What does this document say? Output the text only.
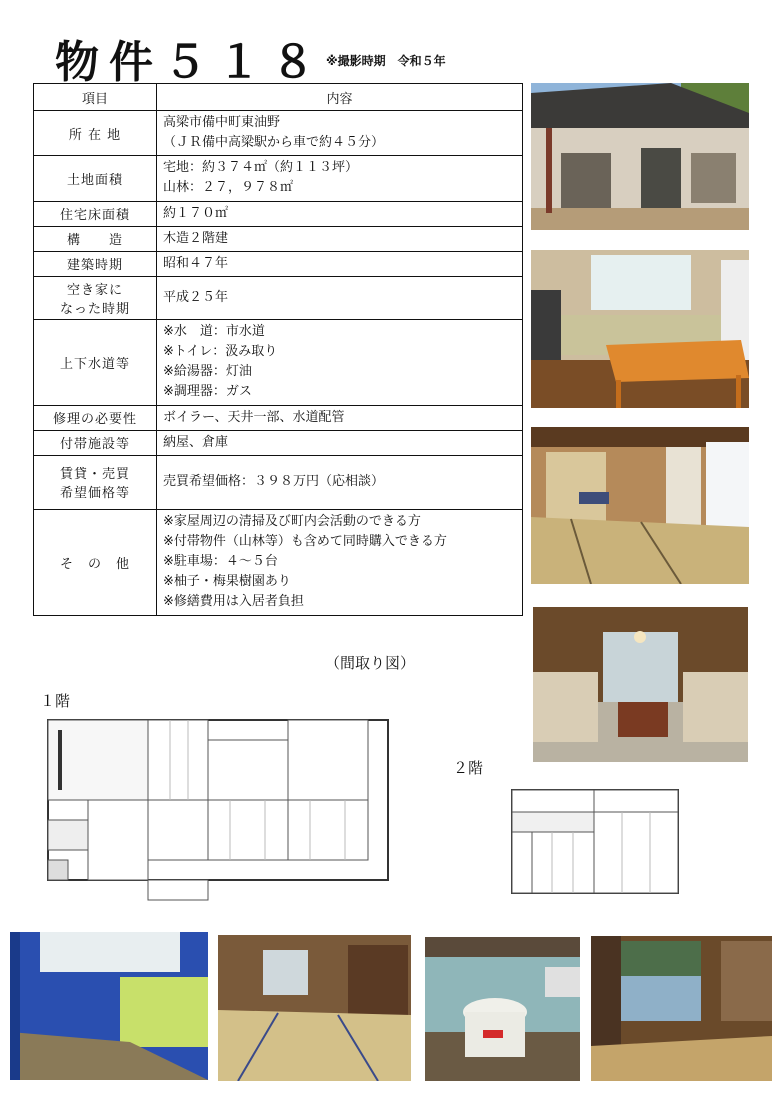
物件５１８ ※撮影時期　令和５年
項目	内容
所 在 地	高梁市備中町東油野
（ＪＲ備中高梁駅から車で約４５分）
土地面積	宅地：約３７４㎡（約１１３坪）
山林：２７，９７８㎡
住宅床面積	約１７０㎡
構　　造	木造２階建
建築時期	昭和４７年
空き家に
なった時期	平成２５年
上下水道等	※水　道：市水道
※トイレ：汲み取り
※給湯器：灯油
※調理器：ガス
修理の必要性	ボイラー、天井一部、水道配管
付帯施設等	納屋、倉庫
賃貸・売買
希望価格等	売買希望価格：３９８万円（応相談）
そ　の　他	※家屋周辺の清掃及び町内会活動のできる方
※付帯物件（山林等）も含めて同時購入できる方
※駐車場：４～５台
※柚子・梅果樹園あり
※修繕費用は入居者負担
（間取り図）
１階
２階
